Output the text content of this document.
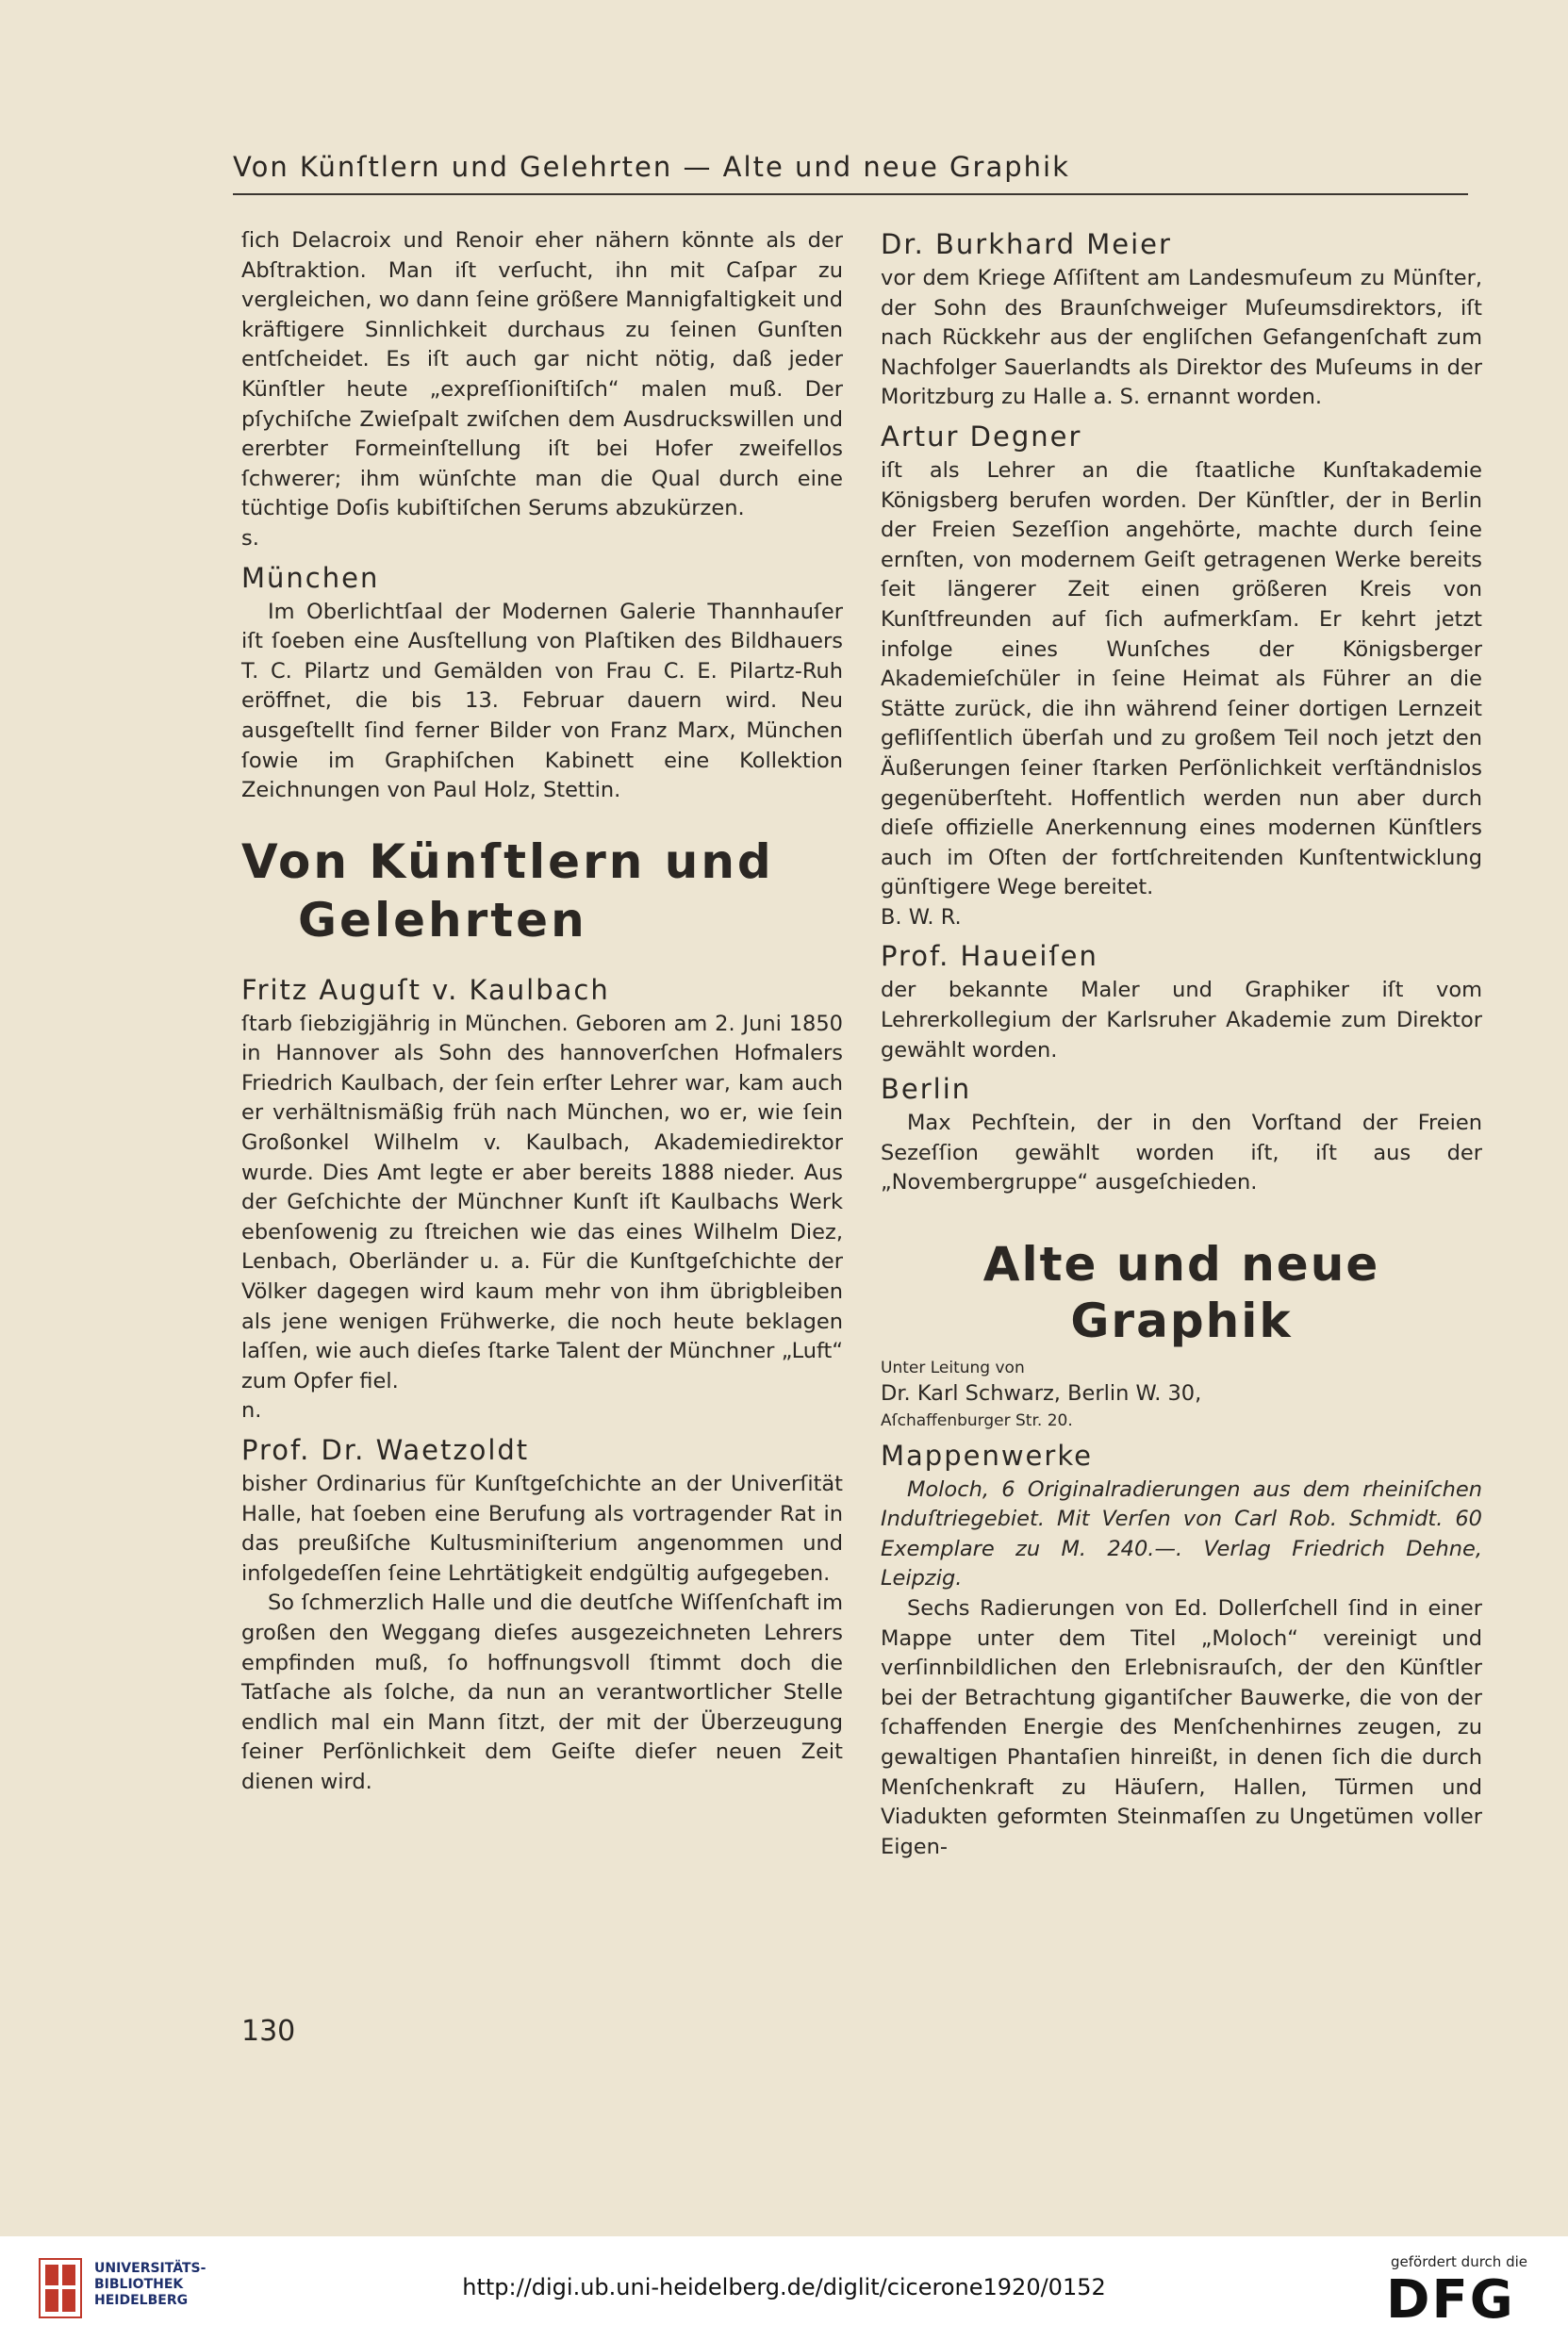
Von Künſtlern und Gelehrten — Alte und neue Graphik

ſich Delacroix und Renoir eher nähern könnte als der Abſtraktion. Man iſt verſucht, ihn mit Caſpar zu vergleichen, wo dann ſeine größere Mannigfaltigkeit und kräftigere Sinnlichkeit durchaus zu ſeinen Gunſten entſcheidet. Es iſt auch gar nicht nötig, daß jeder Künſtler heute „expreſſioniſtiſch“ malen muß. Der pſychiſche Zwieſpalt zwiſchen dem Ausdruckswillen und ererbter Formeinſtellung iſt bei Hofer zweifellos ſchwerer; ihm wünſchte man die Qual durch eine tüchtige Doſis kubiſtiſchen Serums abzukürzen.

s.

München

Im Oberlichtſaal der Modernen Galerie Thannhauſer iſt ſoeben eine Ausſtellung von Plaſtiken des Bildhauers T. C. Pilartz und Gemälden von Frau C. E. Pilartz-Ruh eröffnet, die bis 13. Februar dauern wird. Neu ausgeſtellt ſind ferner Bilder von Franz Marx, München ſowie im Graphiſchen Kabinett eine Kollektion Zeichnungen von Paul Holz, Stettin.

Von Künſtlern und
Gelehrten
Fritz Auguſt v. Kaulbach

ſtarb ſiebzigjährig in München. Geboren am 2. Juni 1850 in Hannover als Sohn des hannoverſchen Hofmalers Friedrich Kaulbach, der ſein erſter Lehrer war, kam auch er verhältnismäßig früh nach München, wo er, wie ſein Großonkel Wilhelm v. Kaulbach, Akademiedirektor wurde. Dies Amt legte er aber bereits 1888 nieder. Aus der Geſchichte der Münchner Kunſt iſt Kaulbachs Werk ebenſowenig zu ſtreichen wie das eines Wilhelm Diez, Lenbach, Oberländer u. a. Für die Kunſtgeſchichte der Völker dagegen wird kaum mehr von ihm übrigbleiben als jene wenigen Frühwerke, die noch heute beklagen laſſen, wie auch dieſes ſtarke Talent der Münchner „Luft“ zum Opfer fiel.

n.

Prof. Dr. Waetzoldt

bisher Ordinarius für Kunſtgeſchichte an der Univerſität Halle, hat ſoeben eine Berufung als vortragender Rat in das preußiſche Kultusminiſterium angenommen und infolgedeſſen ſeine Lehrtätigkeit endgültig aufgegeben.

So ſchmerzlich Halle und die deutſche Wiſſenſchaft im großen den Weggang dieſes ausgezeichneten Lehrers empfinden muß, ſo hoffnungsvoll ſtimmt doch die Tatſache als ſolche, da nun an verantwortlicher Stelle endlich mal ein Mann ſitzt, der mit der Überzeugung ſeiner Perſönlichkeit dem Geiſte dieſer neuen Zeit dienen wird.

Dr. Burkhard Meier

vor dem Kriege Aſſiſtent am Landesmuſeum zu Münſter, der Sohn des Braunſchweiger Muſeumsdirektors, iſt nach Rückkehr aus der engliſchen Gefangenſchaft zum Nachfolger Sauerlandts als Direktor des Muſeums in der Moritzburg zu Halle a. S. ernannt worden.

Artur Degner

iſt als Lehrer an die ſtaatliche Kunſtakademie Königsberg berufen worden. Der Künſtler, der in Berlin der Freien Sezeſſion angehörte, machte durch ſeine ernſten, von modernem Geiſt getragenen Werke bereits ſeit längerer Zeit einen größeren Kreis von Kunſtfreunden auf ſich aufmerkſam. Er kehrt jetzt infolge eines Wunſches der Königsberger Akademieſchüler in ſeine Heimat als Führer an die Stätte zurück, die ihn während ſeiner dortigen Lernzeit gefliſſentlich überſah und zu großem Teil noch jetzt den Äußerungen ſeiner ſtarken Perſönlichkeit verſtändnislos gegenüberſteht. Hoffentlich werden nun aber durch dieſe offizielle Anerkennung eines modernen Künſtlers auch im Oſten der fortſchreitenden Kunſtentwicklung günſtigere Wege bereitet.

B. W. R.

Prof. Haueiſen

der bekannte Maler und Graphiker iſt vom Lehrerkollegium der Karlsruher Akademie zum Direktor gewählt worden.

Berlin

Max Pechſtein, der in den Vorſtand der Freien Sezeſſion gewählt worden iſt, iſt aus der „Novembergruppe“ ausgeſchieden.

Alte und neue Graphik

Unter Leitung von

Dr. Karl Schwarz, Berlin W. 30,

Aſchaffenburger Str. 20.

Mappenwerke

Moloch, 6 Originalradierungen aus dem rheiniſchen Induſtriegebiet. Mit Verſen von Carl Rob. Schmidt. 60 Exemplare zu M. 240.—. Verlag Friedrich Dehne, Leipzig.

Sechs Radierungen von Ed. Dollerſchell ſind in einer Mappe unter dem Titel „Moloch“ vereinigt und verſinnbildlichen den Erlebnisrauſch, der den Künſtler bei der Betrachtung gigantiſcher Bauwerke, die von der ſchaffenden Energie des Menſchenhirnes zeugen, zu gewaltigen Phantaſien hinreißt, in denen ſich die durch Menſchenkraft zu Häuſern, Hallen, Türmen und Viadukten geformten Steinmaſſen zu Ungetümen voller Eigen-

130
UNIVERSITÄTS-
BIBLIOTHEK
HEIDELBERG	http://digi.ub.uni-heidelberg.de/diglit/cicerone1920/0152
gefördert durch die
DFG
